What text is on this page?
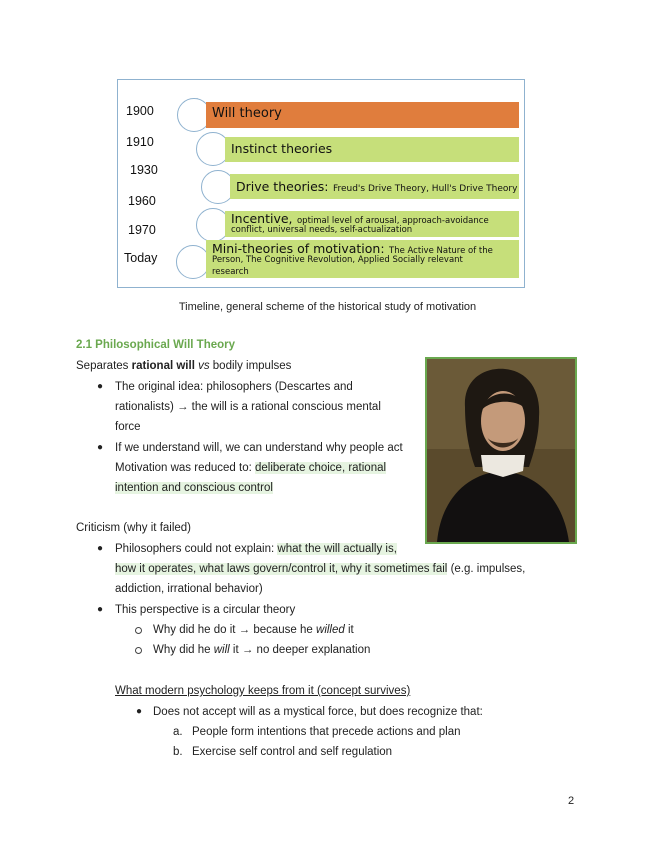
1900
1910
1930
1960
1970
Today
Will theory
Instinct theories
Drive theories: Freud's Drive Theory, Hull's Drive Theory
Incentive, optimal level of arousal, approach-avoidance
conflict, universal needs, self-actualization
Mini-theories of motivation: The Active Nature of the
Person, The Cognitive Revolution, Applied Socially relevant
research
Timeline, general scheme of the historical study of motivation
2.1 Philosophical Will Theory
Separates rational will vs bodily impulses
● The original idea: philosophers (Descartes and
rationalists) → the will is a rational conscious mental
force
● If we understand will, we can understand why people act
Motivation was reduced to: deliberate choice, rational
intention and conscious control
Criticism (why it failed)
● Philosophers could not explain: what the will actually is,
how it operates, what laws govern/control it, why it sometimes fail (e.g. impulses,
addiction, irrational behavior)
● This perspective is a circular theory
Why did he do it → because he willed it
Why did he will it → no deeper explanation
What modern psychology keeps from it (concept survives)
● Does not accept will as a mystical force, but does recognize that:
a. People form intentions that precede actions and plan
b. Exercise self control and self regulation
2
